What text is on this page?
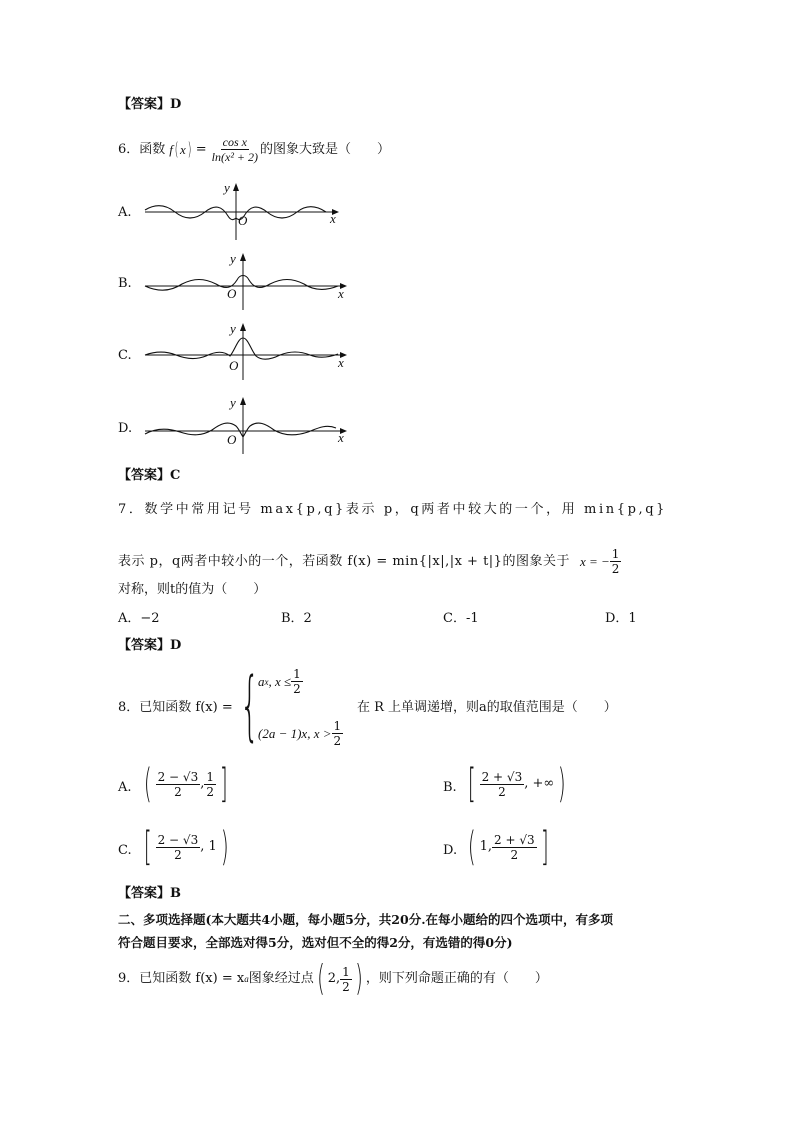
【答案】D
6．函数 f ( x ) = $\frac{\text{cos x}}{\text{ln(x² + 2)}}$ 的图象大致是（　　）
A.
y
x
O
B.
y
x
O
C.
y
x
O
D.
y
x
O
【答案】C
7．数学中常用记号 max{p,q}表示 p，q两者中较大的一个，用 min{p,q}
表示 p，q两者中较小的一个，若函数 f(x) = min{|x|,|x + t|}的图象关于 x = − $\frac{1}{2}$
对称，则t的值为（　　）
A．−2	B．2	C．-1	D．1
【答案】D
8．已知函数 f(x) = {
a x , $x \le \frac{1}{2}$
(2a − 1)x, $x > \frac{1}{2}$
在 R 上单调递增，则a的取值范围是（　　）
A. ( $\frac{2 - √3}{2}$ , $\frac{1}{2}$ ]	B. [ $\frac{2 + √3}{2}$ , +∞ )
C. [ $\frac{2 - √3}{2}$ , 1 )	D. ( 1, $\frac{2 + √3}{2}$ ]
【答案】B
二、多项选择题(本大题共4小题，每小题5分，共20分.在每小题给的四个选项中，有多项
符合题目要求，全部选对得5分，选对但不全的得2分，有选错的得0分)
9．已知函数 f(x) = x a 图象经过点 ( 2, $\frac{1}{2}$ ) ，则下列命题正确的有（　　）
